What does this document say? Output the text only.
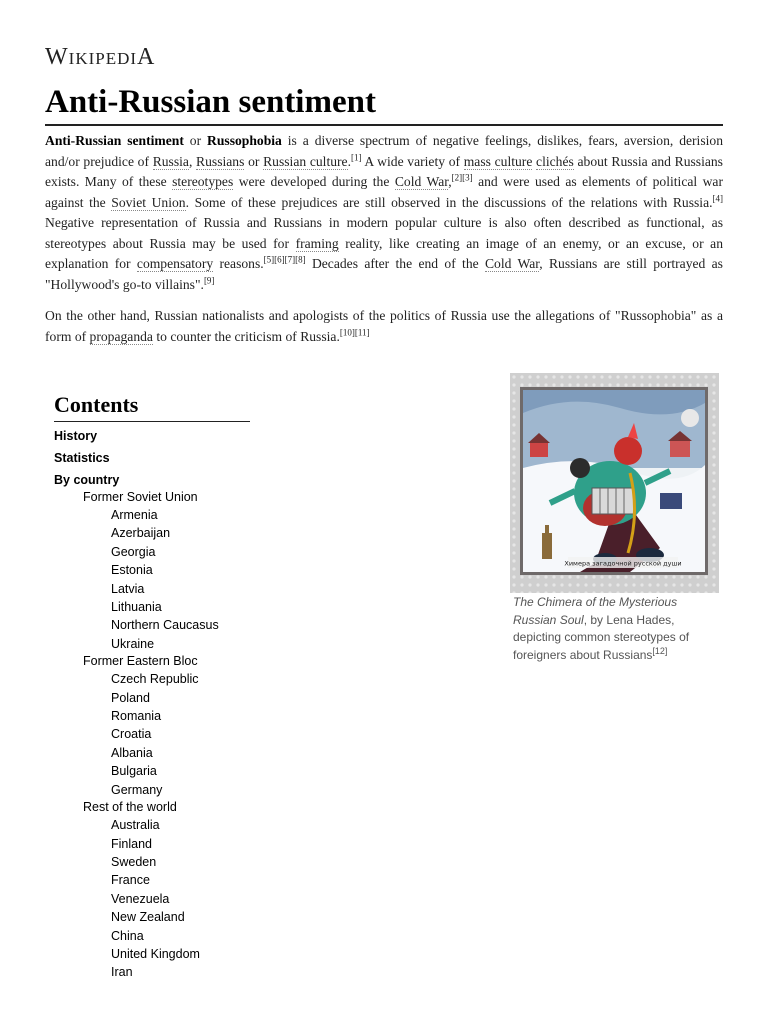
WIKIPEDIA
Anti-Russian sentiment

Anti-Russian sentiment or Russophobia is a diverse spectrum of negative feelings, dislikes, fears, aversion, derision and/or prejudice of Russia, Russians or Russian culture.[1] A wide variety of mass culture clichés about Russia and Russians exists. Many of these stereotypes were developed during the Cold War,[2][3] and were used as elements of political war against the Soviet Union. Some of these prejudices are still observed in the discussions of the relations with Russia.[4] Negative representation of Russia and Russians in modern popular culture is also often described as functional, as stereotypes about Russia may be used for framing reality, like creating an image of an enemy, or an excuse, or an explanation for compensatory reasons.[5][6][7][8] Decades after the end of the Cold War, Russians are still portrayed as "Hollywood's go-to villains".[9]

On the other hand, Russian nationalists and apologists of the politics of Russia use the allegations of "Russophobia" as a form of propaganda to counter the criticism of Russia.[10][11]

Contents
History
Statistics
By country
Former Soviet Union
Armenia
Azerbaijan
Georgia
Estonia
Latvia
Lithuania
Northern Caucasus
Ukraine
Former Eastern Bloc
Czech Republic
Poland
Romania
Croatia
Albania
Bulgaria
Germany
Rest of the world
Australia
Finland
Sweden
France
Venezuela
New Zealand
China
United Kingdom
Iran
Химера загадочной русской души
The Chimera of the Mysterious Russian Soul, by Lena Hades, depicting common stereotypes of foreigners about Russians[12]
